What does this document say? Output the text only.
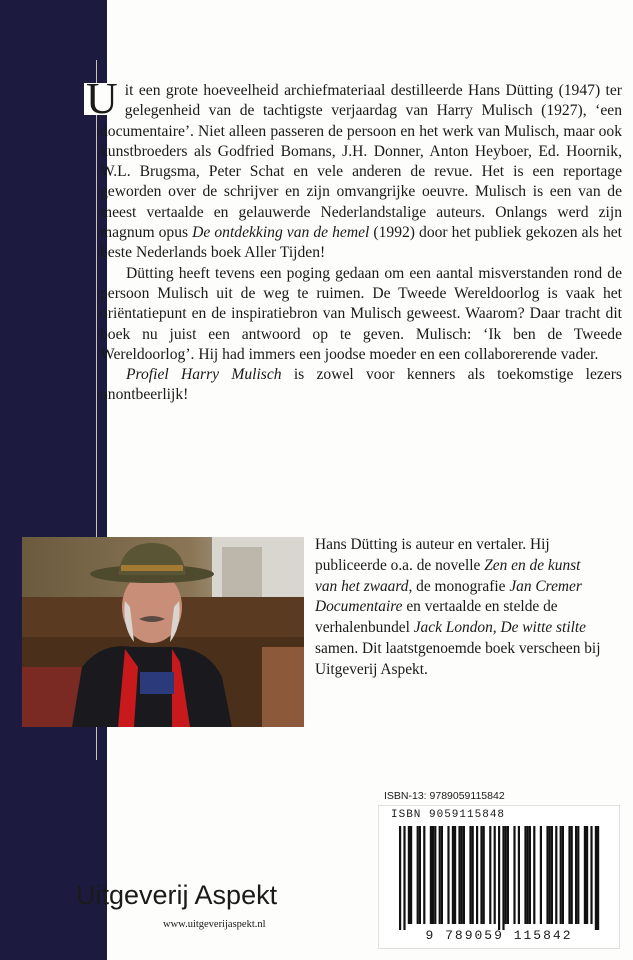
U it een grote hoeveelheid archiefmateriaal destilleerde Hans Dütting (1947) ter gelegenheid van de tachtigste verjaardag van Harry Mulisch (1927), ‘een documentaire’. Niet alleen passeren de persoon en het werk van Mulisch, maar ook kunstbroeders als Godfried Bomans, J.H. Donner, Anton Heyboer, Ed. Hoornik, W.L. Brugsma, Peter Schat en vele anderen de revue. Het is een reportage geworden over de schrijver en zijn omvangrijke oeuvre. Mulisch is een van de meest vertaalde en gelauwerde Nederlandstalige auteurs. Onlangs werd zijn magnum opus De ontdekking van de hemel (1992) door het publiek gekozen als het beste Nederlands boek Aller Tijden!

Dütting heeft tevens een poging gedaan om een aantal misverstanden rond de persoon Mulisch uit de weg te ruimen. De Tweede Wereldoorlog is vaak het oriëntatiepunt en de inspiratiebron van Mulisch geweest. Waarom? Daar tracht dit boek nu juist een antwoord op te geven. Mulisch: ‘Ik ben de Tweede Wereldoorlog’. Hij had immers een joodse moeder en een collaborerende vader.

Profiel Harry Mulisch is zowel voor kenners als toekomstige lezers onontbeerlijk!

Hans Dütting is auteur en vertaler. Hij publiceerde o.a. de novelle Zen en de kunst van het zwaard, de monografie Jan Cremer Documentaire en vertaalde en stelde de verhalenbundel Jack London, De witte stilte samen. Dit laatstgenoemde boek verscheen bij Uitgeverij Aspekt.
ISBN-13: 9789059115842
ISBN 9059115848
9 789059 115842
Uitgeverij Aspekt
www.uitgeverijaspekt.nl
